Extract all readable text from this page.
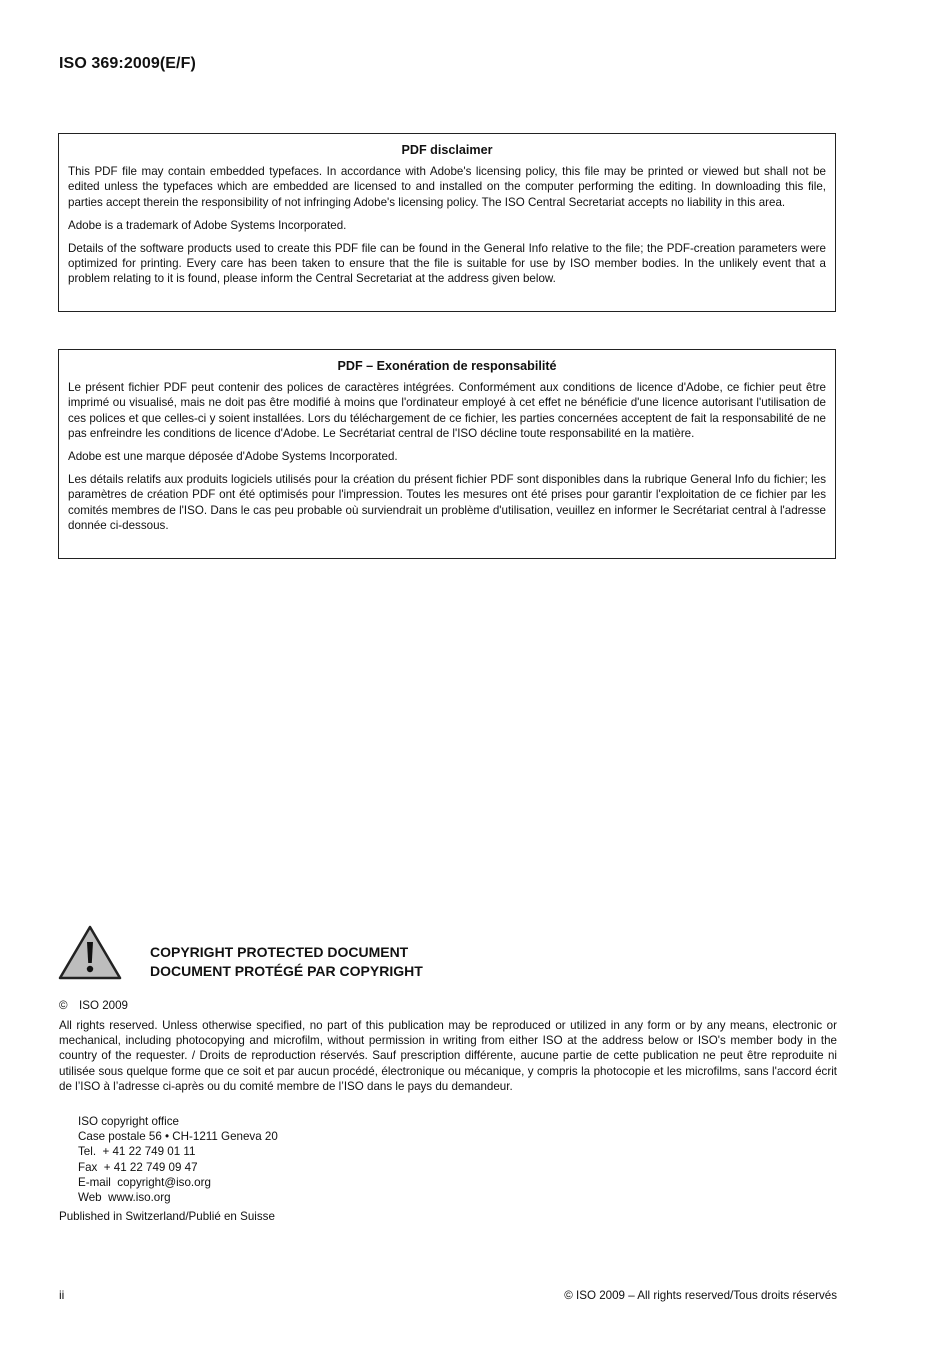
ISO 369:2009(E/F)
PDF disclaimer

This PDF file may contain embedded typefaces. In accordance with Adobe's licensing policy, this file may be printed or viewed but shall not be edited unless the typefaces which are embedded are licensed to and installed on the computer performing the editing. In downloading this file, parties accept therein the responsibility of not infringing Adobe's licensing policy. The ISO Central Secretariat accepts no liability in this area.

Adobe is a trademark of Adobe Systems Incorporated.

Details of the software products used to create this PDF file can be found in the General Info relative to the file; the PDF-creation parameters were optimized for printing. Every care has been taken to ensure that the file is suitable for use by ISO member bodies. In the unlikely event that a problem relating to it is found, please inform the Central Secretariat at the address given below.

PDF – Exonération de responsabilité

Le présent fichier PDF peut contenir des polices de caractères intégrées. Conformément aux conditions de licence d'Adobe, ce fichier peut être imprimé ou visualisé, mais ne doit pas être modifié à moins que l'ordinateur employé à cet effet ne bénéficie d'une licence autorisant l'utilisation de ces polices et que celles-ci y soient installées. Lors du téléchargement de ce fichier, les parties concernées acceptent de fait la responsabilité de ne pas enfreindre les conditions de licence d'Adobe. Le Secrétariat central de l'ISO décline toute responsabilité en la matière.

Adobe est une marque déposée d'Adobe Systems Incorporated.

Les détails relatifs aux produits logiciels utilisés pour la création du présent fichier PDF sont disponibles dans la rubrique General Info du fichier; les paramètres de création PDF ont été optimisés pour l'impression. Toutes les mesures ont été prises pour garantir l'exploitation de ce fichier par les comités membres de l'ISO. Dans le cas peu probable où surviendrait un problème d'utilisation, veuillez en informer le Secrétariat central à l'adresse donnée ci-dessous.

COPYRIGHT PROTECTED DOCUMENT
DOCUMENT PROTÉGÉ PAR COPYRIGHT
© ISO 2009
All rights reserved. Unless otherwise specified, no part of this publication may be reproduced or utilized in any form or by any means, electronic or mechanical, including photocopying and microfilm, without permission in writing from either ISO at the address below or ISO's member body in the country of the requester. / Droits de reproduction réservés. Sauf prescription différente, aucune partie de cette publication ne peut être reproduite ni utilisée sous quelque forme que ce soit et par aucun procédé, électronique ou mécanique, y compris la photocopie et les microfilms, sans l'accord écrit de l’ISO à l’adresse ci-après ou du comité membre de l’ISO dans le pays du demandeur.
ISO copyright office
Case postale 56 • CH-1211 Geneva 20
Tel.  + 41 22 749 01 11
Fax  + 41 22 749 09 47
E-mail  copyright@iso.org
Web  www.iso.org
Published in Switzerland/Publié en Suisse
ii	© ISO 2009 – All rights reserved/Tous droits réservés
